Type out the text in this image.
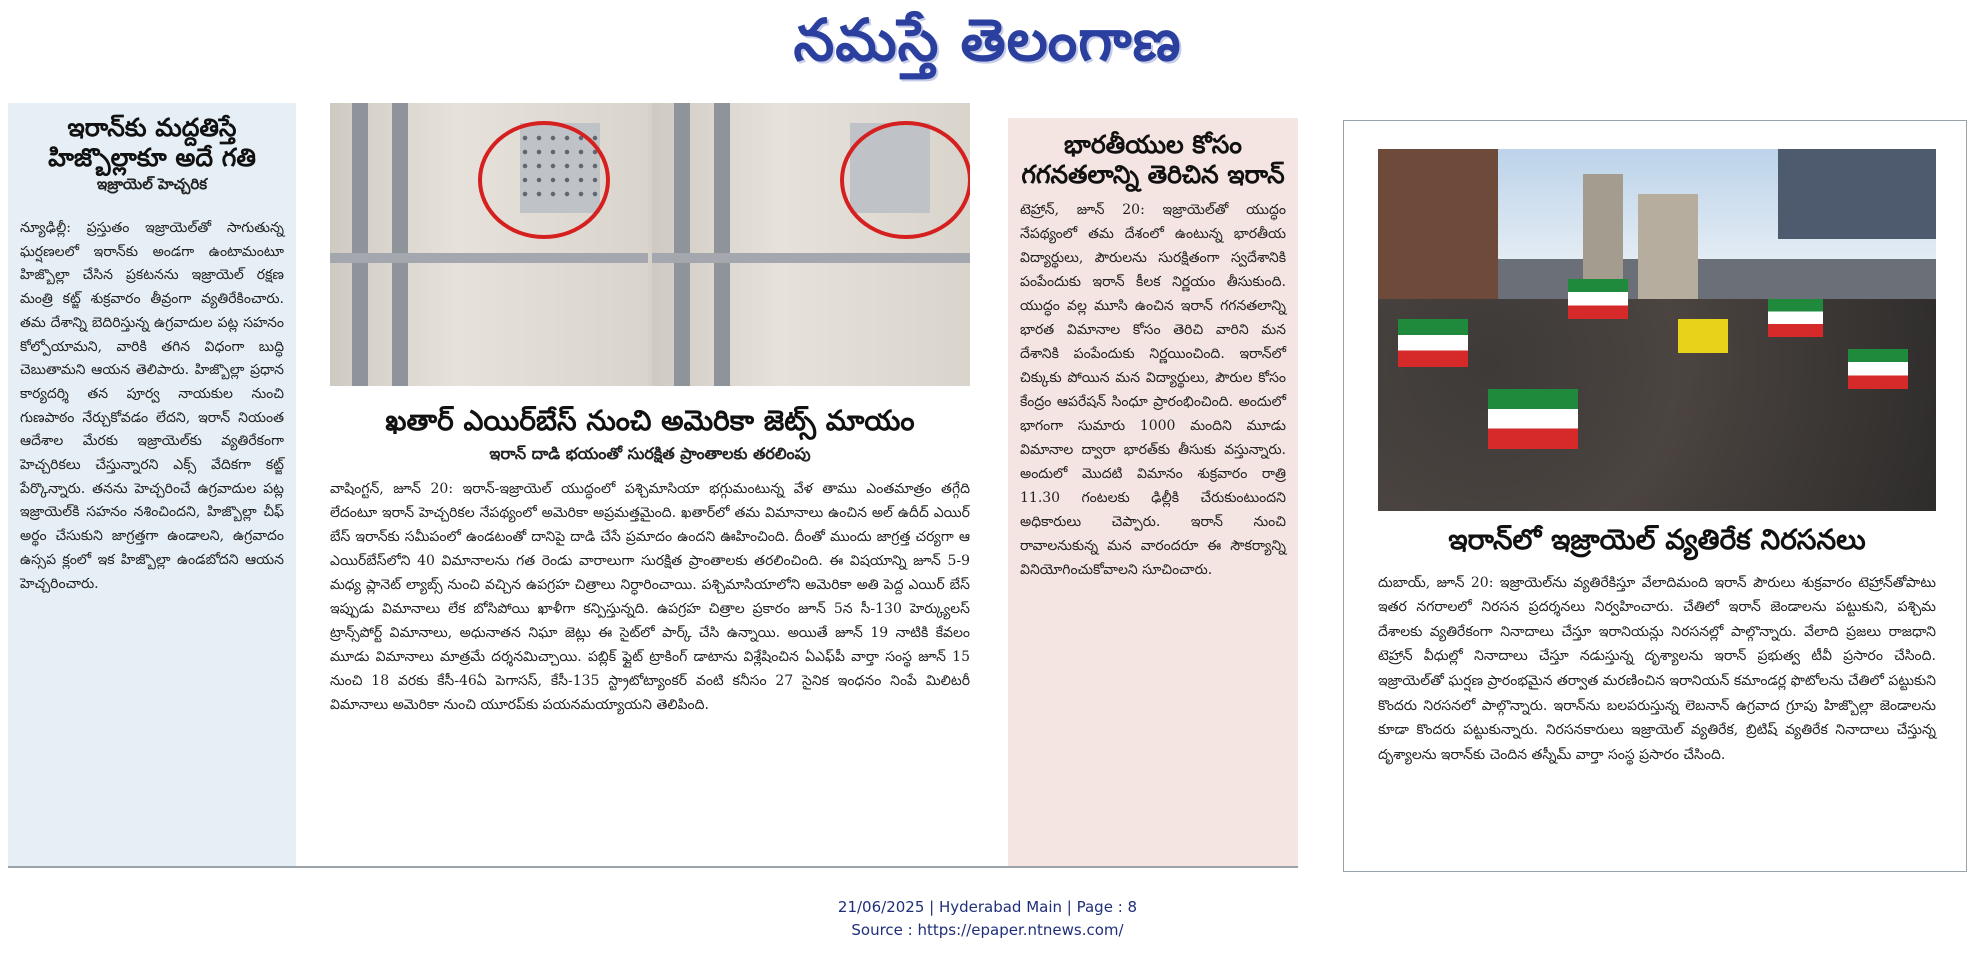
నమస్తే తెలంగాణ
ఇరాన్‌కు మద్దతిస్తే హిజ్బొల్లాకూ అదే గతి
ఇజ్రాయెల్ హెచ్చరిక

న్యూఢిల్లీ: ప్రస్తుతం ఇజ్రాయెల్‌తో సాగుతున్న ఘర్షణలలో ఇరాన్‌కు అండగా ఉంటామంటూ హిజ్బొల్లా చేసిన ప్రకటనను ఇజ్రాయెల్ రక్షణ మంత్రి కట్జ్ శుక్రవారం తీవ్రంగా వ్యతిరేకించారు. తమ దేశాన్ని బెదిరిస్తున్న ఉగ్రవాదుల పట్ల సహనం కోల్పోయామని, వారికి తగిన విధంగా బుద్ధి చెబుతామని ఆయన తెలిపారు. హిజ్బొల్లా ప్రధాన కార్యదర్శి తన పూర్వ నాయకుల నుంచి గుణపాఠం నేర్చుకోవడం లేదని, ఇరాన్ నియంత ఆదేశాల మేరకు ఇజ్రాయెల్‌కు వ్యతిరేకంగా హెచ్చరికలు చేస్తున్నారని ఎక్స్ వేదికగా కట్జ్ పేర్కొన్నారు. తనను హెచ్చరించే ఉగ్రవాదుల పట్ల ఇజ్రాయెల్‌కి సహనం నశించిందని, హిజ్బొల్లా చీఫ్ అర్థం చేసుకుని జాగ్రత్తగా ఉండాలని, ఉగ్రవాదం ఉస్సప క్లంలో ఇక హిజ్బొల్లా ఉండబోదని ఆయన హెచ్చరించారు.

ఖతార్ ఎయిర్‌బేస్ నుంచి అమెరికా జెట్స్ మాయం
ఇరాన్ దాడి భయంతో సురక్షిత ప్రాంతాలకు తరలింపు

వాషింగ్టన్, జూన్ 20: ఇరాన్-ఇజ్రాయెల్ యుద్ధంలో పశ్చిమాసియా భగ్గుమంటున్న వేళ తాము ఎంతమాత్రం తగ్గేది లేదంటూ ఇరాన్ హెచ్చరికల నేపథ్యంలో అమెరికా అప్రమత్తమైంది. ఖతార్‌లో తమ విమానాలు ఉంచిన అల్ ఉదీద్ ఎయిర్ బేస్ ఇరాన్‌కు సమీపంలో ఉండటంతో దానిపై దాడి చేసే ప్రమాదం ఉందని ఊహించింది. దీంతో ముందు జాగ్రత్త చర్యగా ఆ ఎయిర్‌బేస్‌లోని 40 విమానాలను గత రెండు వారాలుగా సురక్షిత ప్రాంతాలకు తరలించింది. ఈ విషయాన్ని జూన్ 5-9 మధ్య ప్లానెట్ ల్యాబ్స్ నుంచి వచ్చిన ఉపగ్రహ చిత్రాలు నిర్ధారించాయి. పశ్చిమాసియాలోని అమెరికా అతి పెద్ద ఎయిర్ బేస్ ఇప్పుడు విమానాలు లేక బోసిపోయి ఖాళీగా కన్పిస్తున్నది. ఉపగ్రహ చిత్రాల ప్రకారం జూన్ 5న సీ-130 హెర్క్యులస్ ట్రాన్స్‌పోర్ట్ విమానాలు, అధునాతన నిఘా జెట్లు ఈ సైట్‌లో పార్క్ చేసి ఉన్నాయి. అయితే జూన్ 19 నాటికి కేవలం మూడు విమానాలు మాత్రమే దర్శనమిచ్చాయి. పబ్లిక్ ఫ్లైట్ ట్రాకింగ్ డాటాను విశ్లేషించిన ఏఎఫ్‌పీ వార్తా సంస్థ జూన్ 15 నుంచి 18 వరకు కేసీ-46ఏ పెగాసస్, కేసీ-135 స్ట్రాటోట్యాంకర్ వంటి కనీసం 27 సైనిక ఇంధనం నింపే మిలిటరీ విమానాలు అమెరికా నుంచి యూరప్‌కు పయనమయ్యాయని తెలిపింది.

భారతీయుల కోసం గగనతలాన్ని తెరిచిన ఇరాన్

టెహ్రాన్, జూన్ 20: ఇజ్రాయెల్‌తో యుద్ధం నేపథ్యంలో తమ దేశంలో ఉంటున్న భారతీయ విద్యార్థులు, పౌరులను సురక్షితంగా స్వదేశానికి పంపేందుకు ఇరాన్ కీలక నిర్ణయం తీసుకుంది. యుద్ధం వల్ల మూసి ఉంచిన ఇరాన్ గగనతలాన్ని భారత విమానాల కోసం తెరిచి వారిని మన దేశానికి పంపేందుకు నిర్ణయించింది. ఇరాన్‌లో చిక్కుకు పోయిన మన విద్యార్థులు, పౌరుల కోసం కేంద్రం ఆపరేషన్ సింధూ ప్రారంభించింది. అందులో భాగంగా సుమారు 1000 మందిని మూడు విమానాల ద్వారా భారత్‌కు తీసుకు వస్తున్నారు. అందులో మొదటి విమానం శుక్రవారం రాత్రి 11.30 గంటలకు ఢిల్లీకి చేరుకుంటుందని అధికారులు చెప్పారు. ఇరాన్ నుంచి రావాలనుకున్న మన వారందరూ ఈ సౌకర్యాన్ని వినియోగించుకోవాలని సూచించారు.

ఇరాన్‌లో ఇజ్రాయెల్ వ్యతిరేక నిరసనలు

దుబాయ్, జూన్ 20: ఇజ్రాయెల్‌ను వ్యతిరేకిస్తూ వేలాదిమంది ఇరాన్ పౌరులు శుక్రవారం టెహ్రాన్‌తోపాటు ఇతర నగరాలలో నిరసన ప్రదర్శనలు నిర్వహించారు. చేతిలో ఇరాన్ జెండాలను పట్టుకుని, పశ్చిమ దేశాలకు వ్యతిరేకంగా నినాదాలు చేస్తూ ఇరానియన్లు నిరసనల్లో పాల్గొన్నారు. వేలాది ప్రజలు రాజధాని టెహ్రాన్ వీధుల్లో నినాదాలు చేస్తూ నడుస్తున్న దృశ్యాలను ఇరాన్ ప్రభుత్వ టీవీ ప్రసారం చేసింది. ఇజ్రాయెల్‌తో ఘర్షణ ప్రారంభమైన తర్వాత మరణించిన ఇరానియన్ కమాండర్ల ఫొటోలను చేతిలో పట్టుకుని కొందరు నిరసనలో పాల్గొన్నారు. ఇరాన్‌ను బలపరుస్తున్న లెబనాన్ ఉగ్రవాద గ్రూపు హిజ్బొల్లా జెండాలను కూడా కొందరు పట్టుకున్నారు. నిరసనకారులు ఇజ్రాయెల్ వ్యతిరేక, బ్రిటిష్ వ్యతిరేక నినాదాలు చేస్తున్న దృశ్యాలను ఇరాన్‌కు చెందిన తస్నీమ్ వార్తా సంస్థ ప్రసారం చేసింది.

21/06/2025 | Hyderabad Main | Page : 8
Source : https://epaper.ntnews.com/
